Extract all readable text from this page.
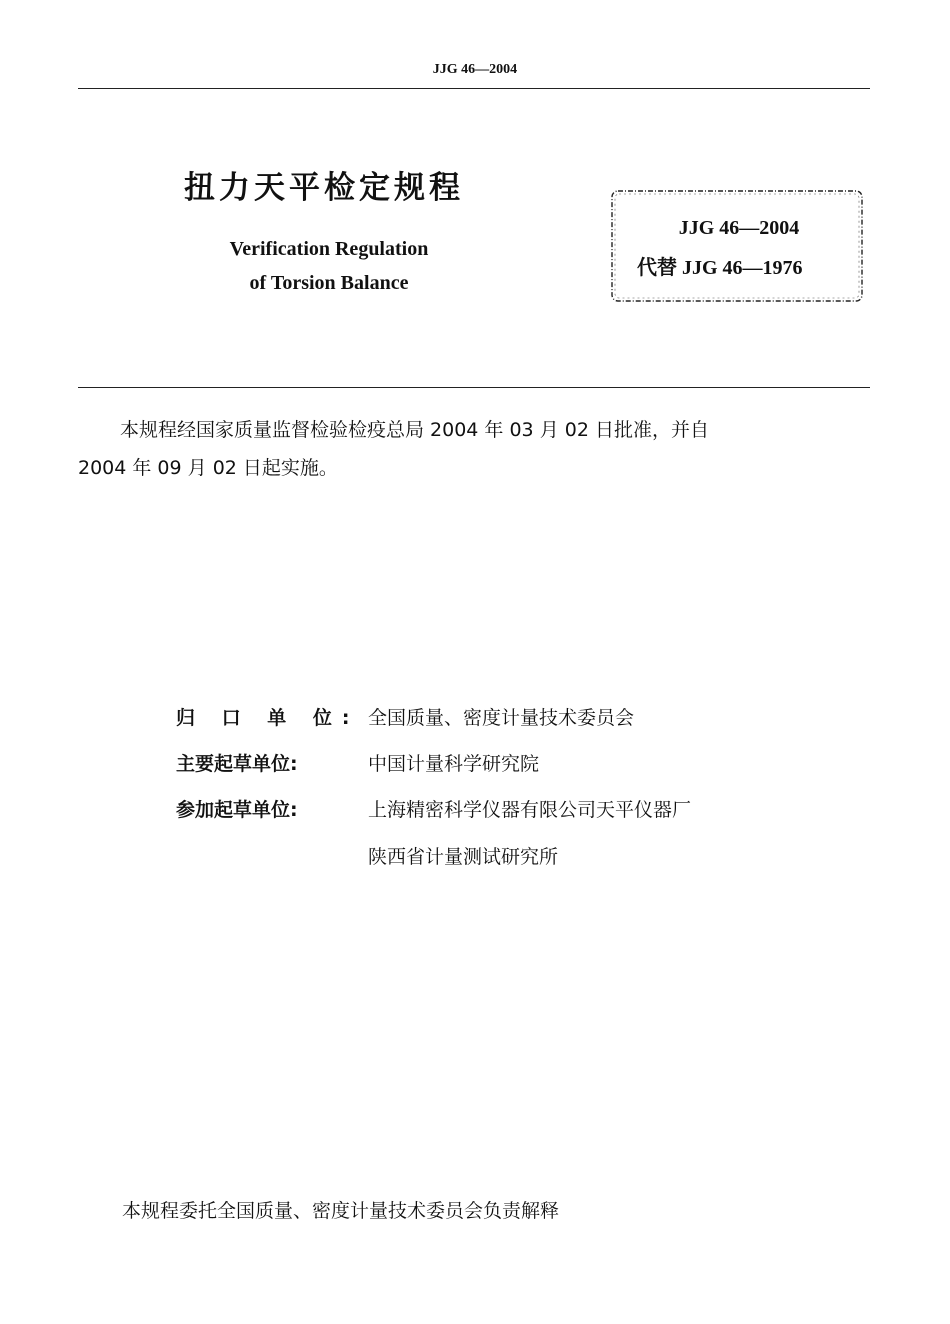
JJG 46—2004
扭力天平检定规程
Verification Regulation
of Torsion Balance
JJG 46—2004
代替 JJG 46—1976
本规程经国家质量监督检验检疫总局 2004 年 03 月 02 日批准，并自
2004 年 09 月 02 日起实施。
归 口 单 位: 全国质量、密度计量技术委员会
主要起草单位:	中国计量科学研究院
参加起草单位:	上海精密科学仪器有限公司天平仪器厂
陕西省计量测试研究所
本规程委托全国质量、密度计量技术委员会负责解释
